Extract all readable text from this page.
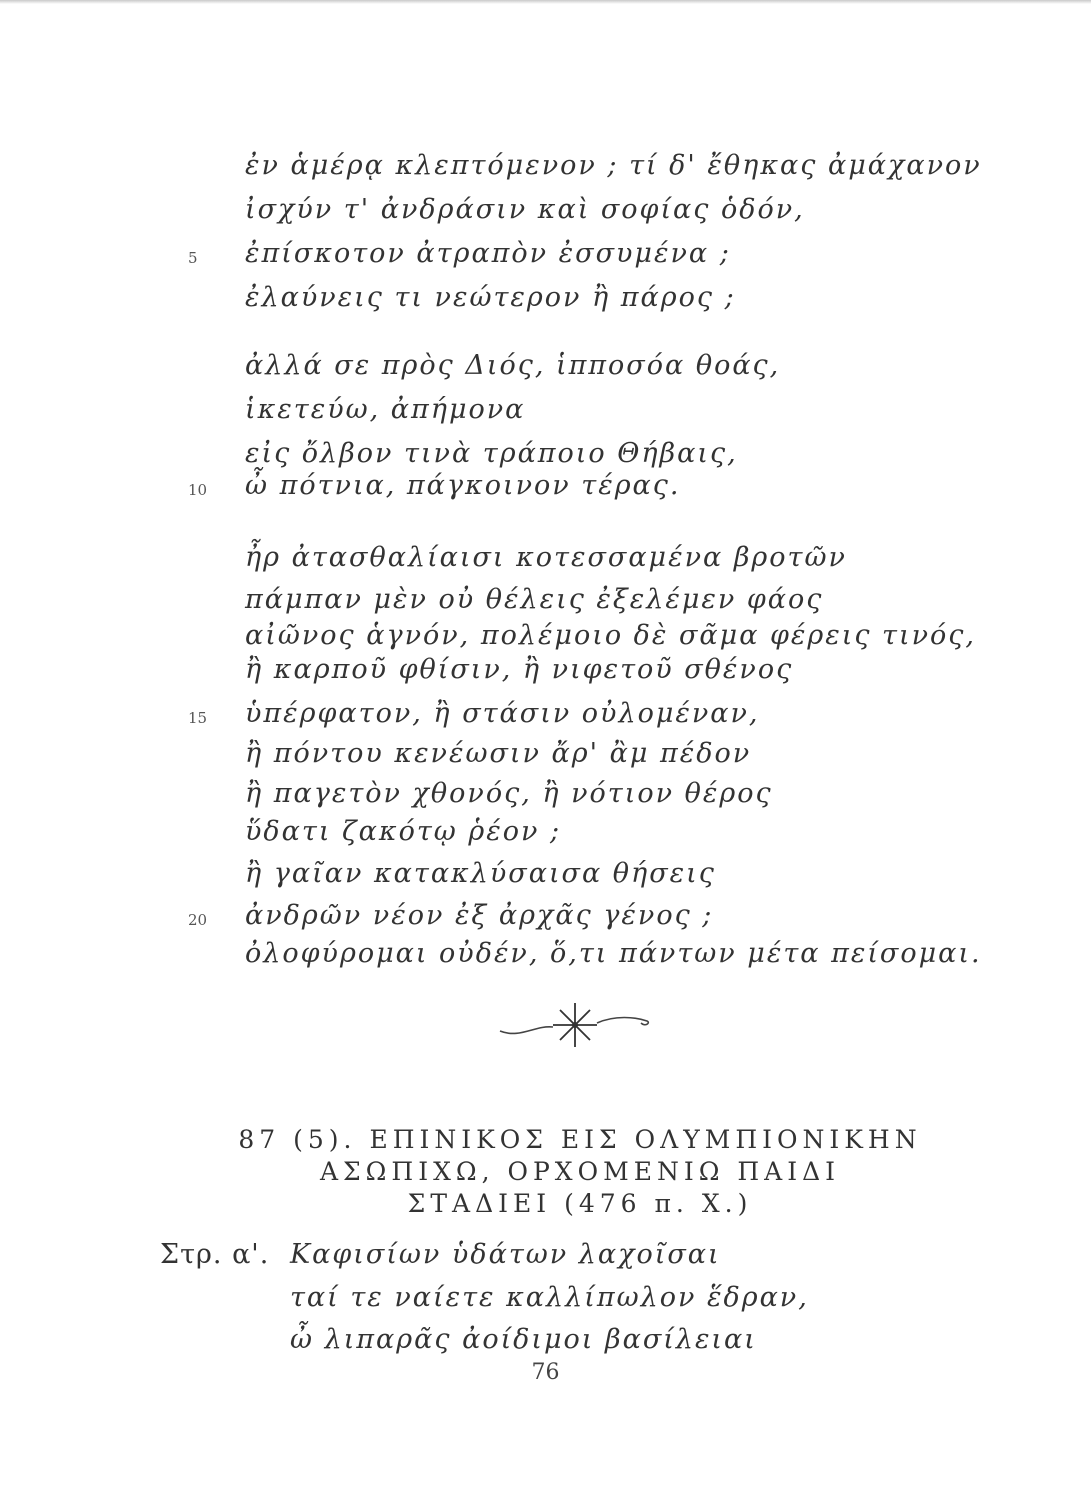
ἐν ἁμέρᾳ κλεπτόμενον ; τί δ' ἔθηκας ἀμάχανον
ἰσχύν τ' ἀνδράσιν καὶ σοφίας ὁδόν,
5 ἐπίσκοτον ἀτραπὸν ἐσσυμένα ;
ἐλαύνεις τι νεώτερον ἢ πάρος ;
ἀλλά σε πρὸς Διός, ἱπποσόα θοάς,
ἱκετεύω, ἀπήμονα
εἰς ὄλβον τινὰ τράποιο Θήβαις,
10 ὦ πότνια, πάγκοινον τέρας.
ἦρ ἀτασθαλίαισι κοτεσσαμένα βροτῶν
πάμπαν μὲν οὐ θέλεις ἐξελέμεν φάος
αἰῶνος ἁγνόν, πολέμοιο δὲ σᾶμα φέρεις τινός,
ἢ καρποῦ φθίσιν, ἢ νιφετοῦ σθένος
15 ὑπέρφατον, ἢ στάσιν οὐλομέναν,
ἢ πόντου κενέωσιν ἄρ' ἂμ πέδον
ἢ παγετὸν χθονός, ἢ νότιον θέρος
ὕδατι ζακότῳ ῥέον ;
ἢ γαῖαν κατακλύσαισα θήσεις
20 ἀνδρῶν νέον ἐξ ἀρχᾶς γένος ;
ὀλοφύρομαι οὐδέν, ὅ,τι πάντων μέτα πείσομαι.
87 (5). ΕΠΙΝΙΚΟΣ ΕΙΣ ΟΛΥΜΠΙΟΝΙΚΗΝ
ΑΣΩΠΙΧΩ, ΟΡΧΟΜΕΝΙΩ ΠΑΙΔΙ
ΣΤΑΔΙΕΙ (476 π. Χ.)
Στρ. α'. Καφισίων ὑδάτων λαχοῖσαι
ταί τε ναίετε καλλίπωλον ἕδραν,
ὦ λιπαρᾶς ἀοίδιμοι βασίλειαι
76
